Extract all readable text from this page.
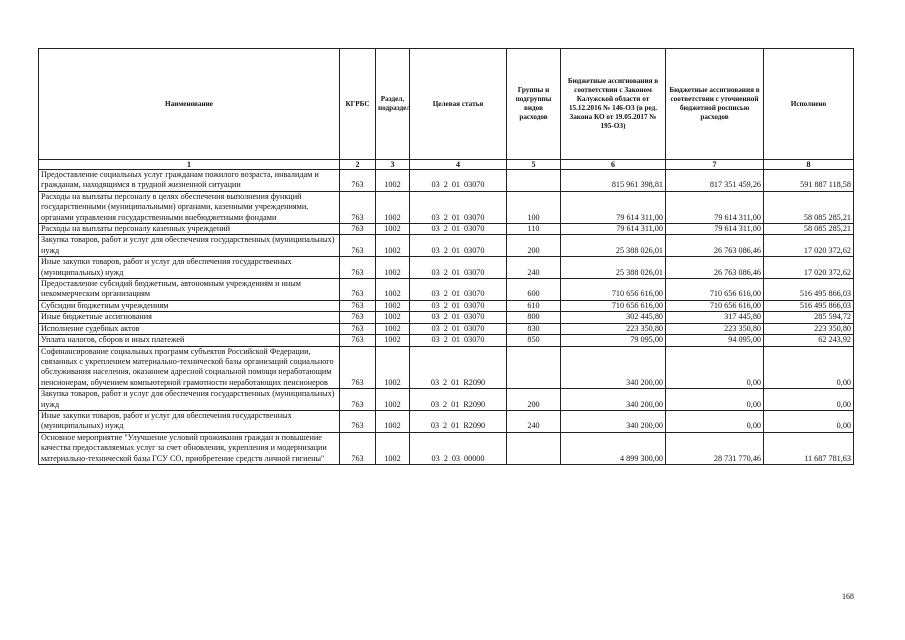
Наименование	КГРБС	Раздел, подраздел	Целевая статья	Группы и подгруппы видов расходов	Бюджетные ассигнования в соответствии с Законом Калужской области от 15.12.2016 № 146-ОЗ (в ред. Закона КО от 19.05.2017 № 195-ОЗ)	Бюджетные ассигнования в соответствии с уточненной бюджетной росписью расходов	Исполнено
1	2	3	4	5	6	7	8
Предоставление социальных услуг гражданам пожилого возраста, инвалидам и гражданам, находящимся в трудной жизненной ситуации	763	1002	03 2 01 03070		815 961 398,81	817 351 459,26	591 887 118,58
Расходы на выплаты персоналу в целях обеспечения выполнения функций государственными (муниципальными) органами, казенными учреждениями, органами управления государственными внебюджетными фондами	763	1002	03 2 01 03070	100	79 614 311,00	79 614 311,00	58 085 285,21
Расходы на выплаты персоналу казенных учреждений	763	1002	03 2 01 03070	110	79 614 311,00	79 614 311,00	58 085 285,21
Закупка товаров, работ и услуг для обеспечения государственных (муниципальных) нужд	763	1002	03 2 01 03070	200	25 388 026,01	26 763 086,46	17 020 372,62
Иные закупки товаров, работ и услуг для обеспечения государственных (муниципальных) нужд	763	1002	03 2 01 03070	240	25 388 026,01	26 763 086,46	17 020 372,62
Предоставление субсидий бюджетным, автономным учреждениям и иным некоммерческим организациям	763	1002	03 2 01 03070	600	710 656 616,00	710 656 616,00	516 495 866,03
Субсидии бюджетным учреждениям	763	1002	03 2 01 03070	610	710 656 616,00	710 656 616,00	516 495 866,03
Иные бюджетные ассигнования	763	1002	03 2 01 03070	800	302 445,80	317 445,80	285 594,72
Исполнение судебных актов	763	1002	03 2 01 03070	830	223 350,80	223 350,80	223 350,80
Уплата налогов, сборов и иных платежей	763	1002	03 2 01 03070	850	79 095,00	94 095,00	62 243,92
Софинансирование социальных программ субъектов Российской Федерации, связанных с укреплением материально-технической базы организаций социального обслуживания населения, оказанием адресной социальной помощи неработающим пенсионерам, обучением компьютерной грамотности неработающих пенсионеров	763	1002	03 2 01 R2090		340 200,00	0,00	0,00
Закупка товаров, работ и услуг для обеспечения государственных (муниципальных) нужд	763	1002	03 2 01 R2090	200	340 200,00	0,00	0,00
Иные закупки товаров, работ и услуг для обеспечения государственных (муниципальных) нужд	763	1002	03 2 01 R2090	240	340 200,00	0,00	0,00
Основное мероприятие "Улучшение условий проживания граждан и повышение качества предоставляемых услуг за счет обновления, укрепления и модернизации материально-технической базы ГСУ СО, приобретение средств личной гигиены"	763	1002	03 2 03 00000		4 899 300,00	28 731 770,46	11 687 781,63
168
